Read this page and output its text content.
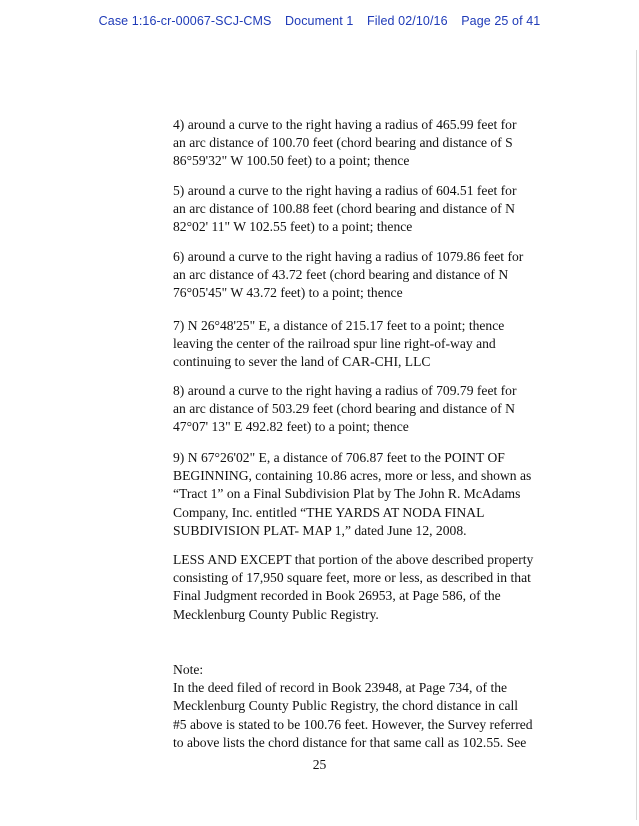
Case 1:16-cr-00067-SCJ-CMS Document 1 Filed 02/10/16 Page 25 of 41

4) around a curve to the right having a radius of 465.99 feet for
an arc distance of 100.70 feet (chord bearing and distance of S
86°59'32" W 100.50 feet) to a point; thence

5) around a curve to the right having a radius of 604.51 feet for
an arc distance of 100.88 feet (chord bearing and distance of N
82°02' 11" W 102.55 feet) to a point; thence

6) around a curve to the right having a radius of 1079.86 feet for
an arc distance of 43.72 feet (chord bearing and distance of N
76°05'45" W 43.72 feet) to a point; thence

7) N 26°48'25" E, a distance of 215.17 feet to a point; thence
leaving the center of the railroad spur line right-of-way and
continuing to sever the land of CAR-CHI, LLC

8) around a curve to the right having a radius of 709.79 feet for
an arc distance of 503.29 feet (chord bearing and distance of N
47°07' 13" E 492.82 feet) to a point; thence

9) N 67°26'02" E, a distance of 706.87 feet to the POINT OF
BEGINNING, containing 10.86 acres, more or less, and shown as
“Tract 1” on a Final Subdivision Plat by The John R. McAdams
Company, Inc. entitled “THE YARDS AT NODA FINAL
SUBDIVISION PLAT- MAP 1,” dated June 12, 2008.

LESS AND EXCEPT that portion of the above described property
consisting of 17,950 square feet, more or less, as described in that
Final Judgment recorded in Book 26953, at Page 586, of the
Mecklenburg County Public Registry.

Note:
In the deed filed of record in Book 23948, at Page 734, of the
Mecklenburg County Public Registry, the chord distance in call
#5 above is stated to be 100.76 feet. However, the Survey referred
to above lists the chord distance for that same call as 102.55. See

25
